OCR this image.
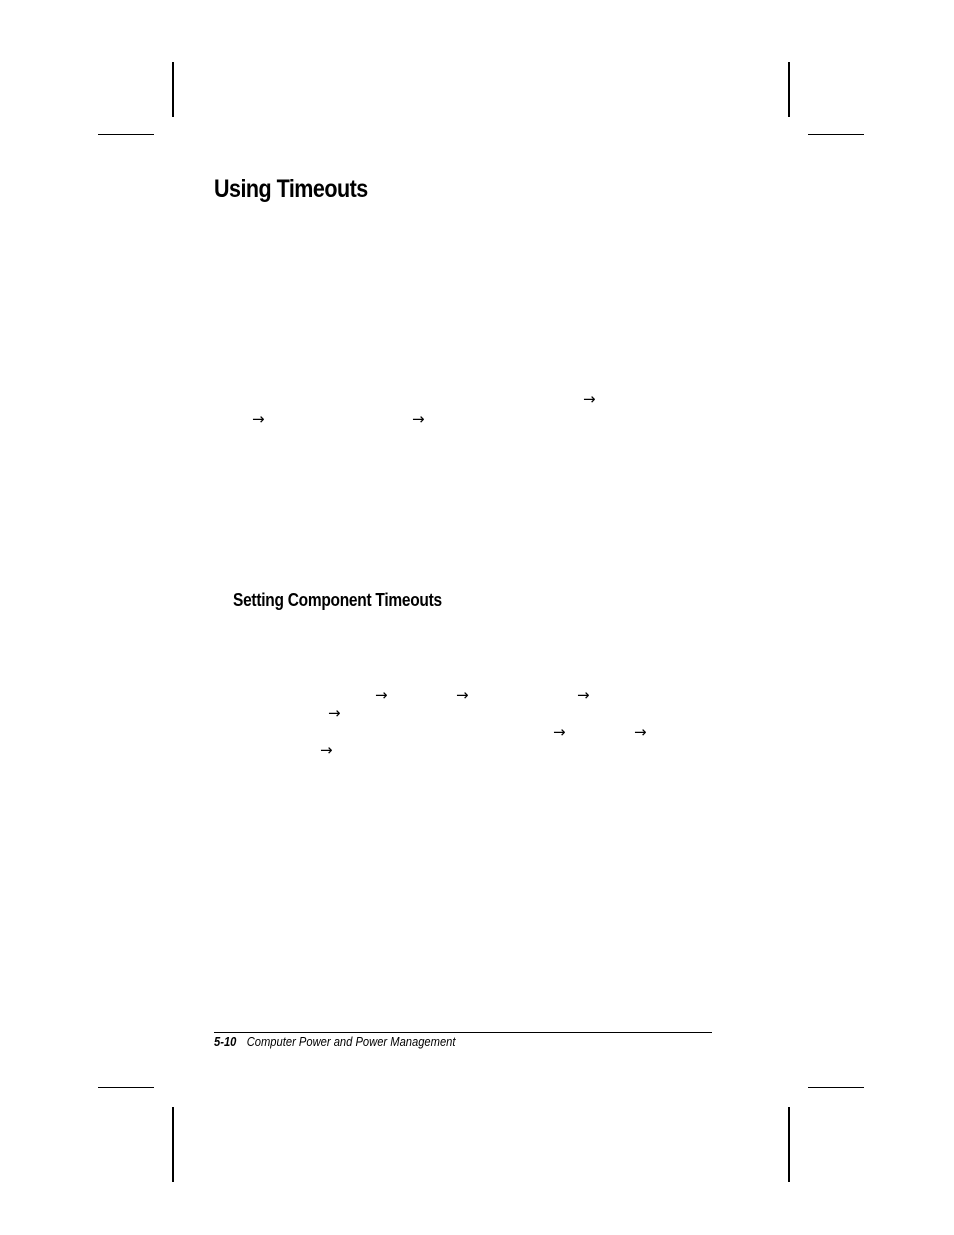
Using Timeouts
Setting Component Timeouts
→
→	→
→	→	→
→
→	→
→
5-10 Computer Power and Power Management
